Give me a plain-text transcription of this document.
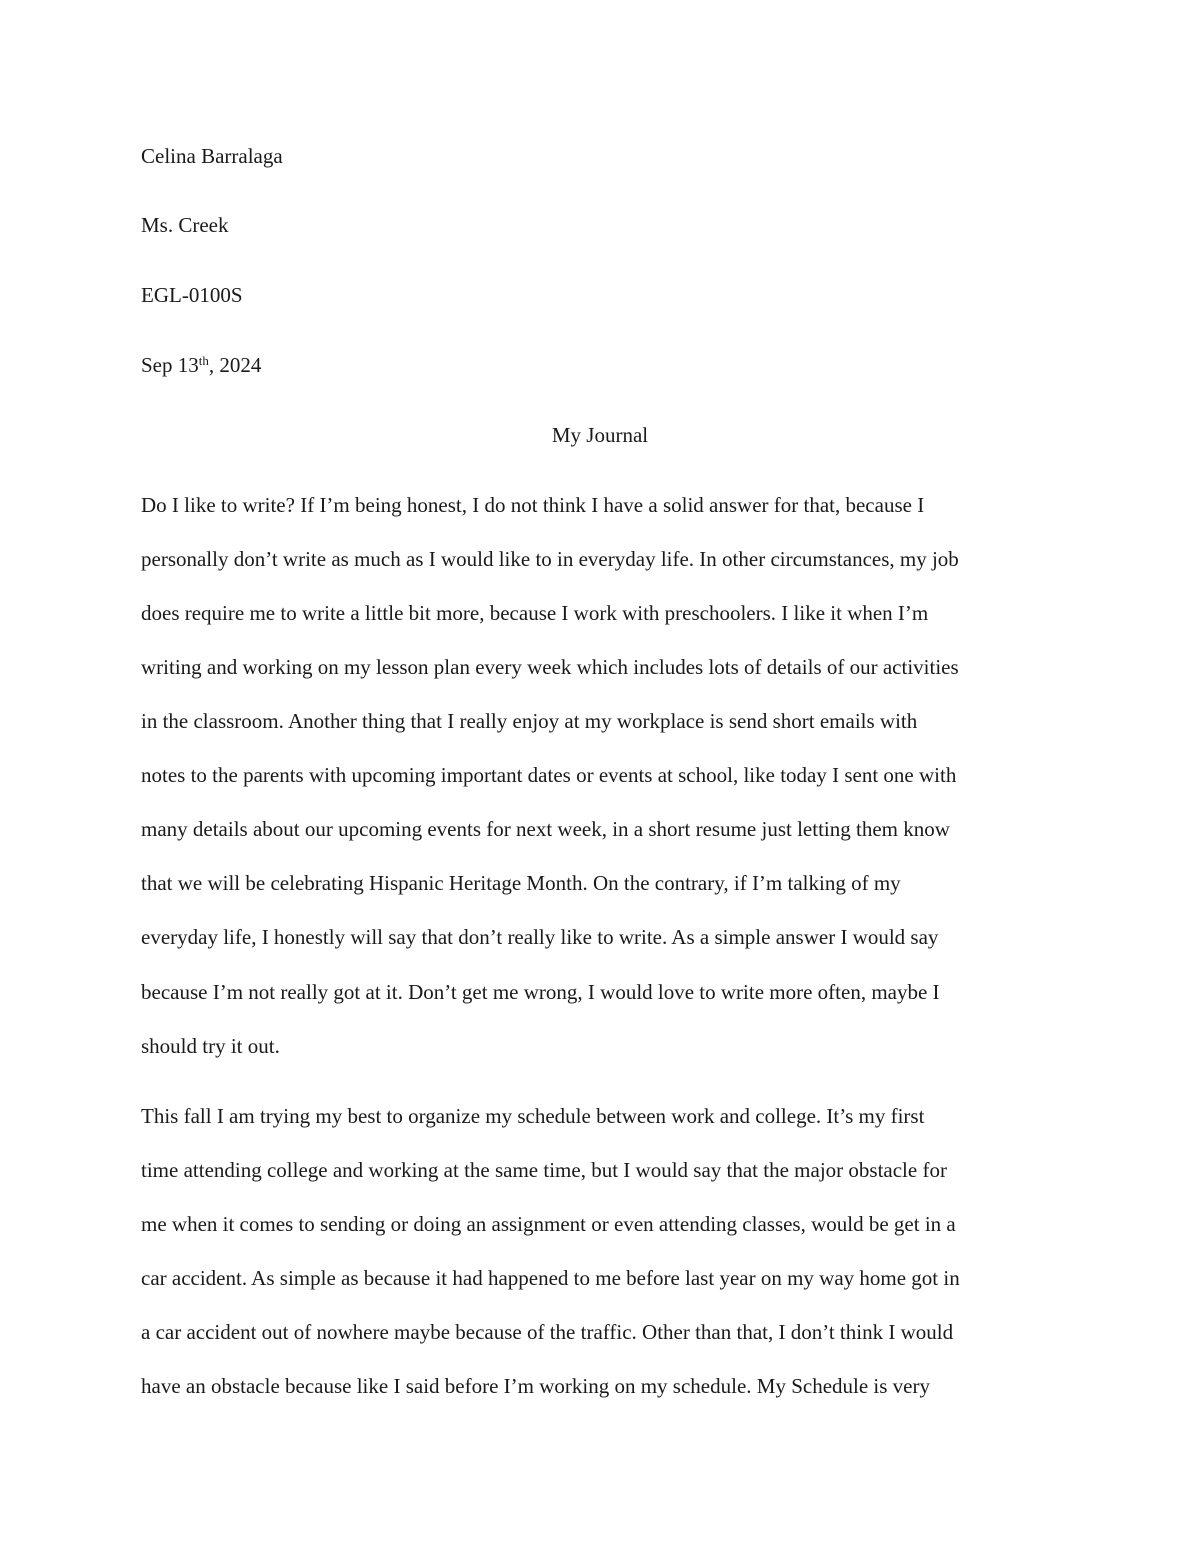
Celina Barralaga
Ms. Creek
EGL-0100S
Sep 13th, 2024
My Journal
Do I like to write? If I’m being honest, I do not think I have a solid answer for that, because I
personally don’t write as much as I would like to in everyday life. In other circumstances, my job
does require me to write a little bit more, because I work with preschoolers. I like it when I’m
writing and working on my lesson plan every week which includes lots of details of our activities
in the classroom. Another thing that I really enjoy at my workplace is send short emails with
notes to the parents with upcoming important dates or events at school, like today I sent one with
many details about our upcoming events for next week, in a short resume just letting them know
that we will be celebrating Hispanic Heritage Month. On the contrary, if I’m talking of my
everyday life, I honestly will say that don’t really like to write. As a simple answer I would say
because I’m not really got at it. Don’t get me wrong, I would love to write more often, maybe I
should try it out.
This fall I am trying my best to organize my schedule between work and college. It’s my first
time attending college and working at the same time, but I would say that the major obstacle for
me when it comes to sending or doing an assignment or even attending classes, would be get in a
car accident. As simple as because it had happened to me before last year on my way home got in
a car accident out of nowhere maybe because of the traffic. Other than that, I don’t think I would
have an obstacle because like I said before I’m working on my schedule. My Schedule is very
